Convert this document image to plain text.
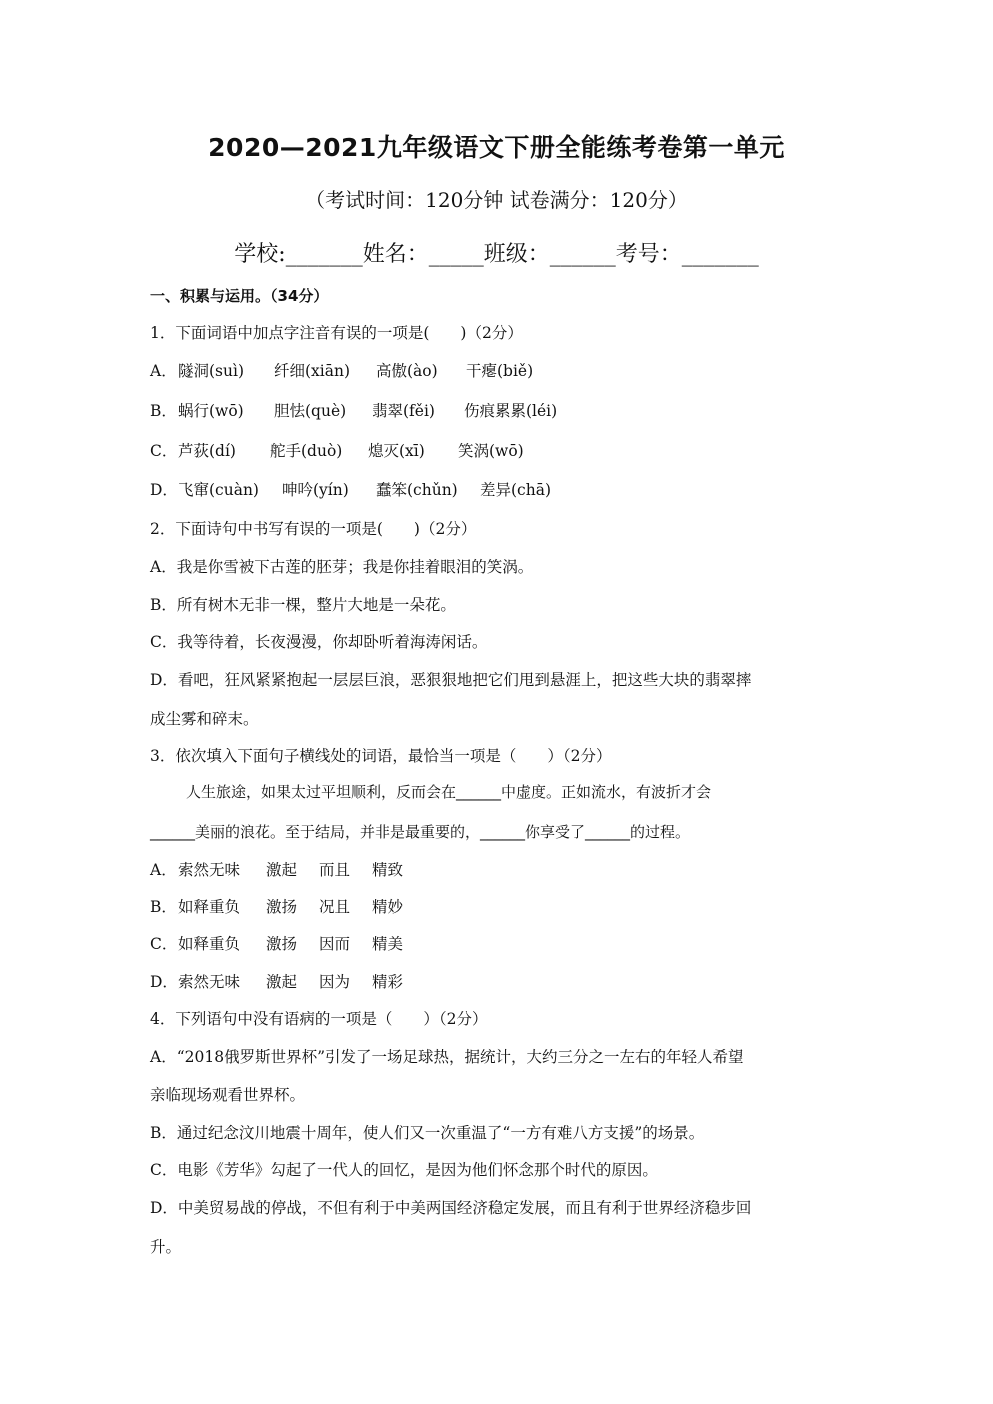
2020—2021九年级语文下册全能练考卷第一单元
（考试时间：120分钟 试卷满分：120分）
学校:_______姓名：_____班级：______考号：_______
一、积累与运用。（34分）
1．下面词语中加点字注音有误的一项是(　　)（2分）
A．隧洞(suì) 纤细(xiān) 高傲(ào) 干瘪(biě)
B．蜗行(wō) 胆怯(què) 翡翠(fěi) 伤痕累累(léi)
C．芦荻(dí) 舵手(duò) 熄灭(xī) 笑涡(wō)
D．飞窜(cuàn) 呻吟(yín) 蠢笨(chǔn) 差异(chā)
2．下面诗句中书写有误的一项是(　　)（2分）
A．我是你雪被下古莲的胚芽；我是你挂着眼泪的笑涡。
B．所有树木无非一棵，整片大地是一朵花。
C．我等待着，长夜漫漫，你却卧听着海涛闲话。
D．看吧，狂风紧紧抱起一层层巨浪，恶狠狠地把它们甩到悬涯上，把这些大块的翡翠摔
成尘雾和碎末。
3．依次填入下面句子横线处的词语，最恰当一项是（　　）（2分）
人生旅途，如果太过平坦顺利，反而会在______中虚度。正如流水，有波折才会
______美丽的浪花。至于结局，并非是最重要的，______你享受了______的过程。
A．索然无味 激起 而且 精致
B．如释重负 激扬 况且 精妙
C．如释重负 激扬 因而 精美
D．索然无味 激起 因为 精彩
4．下列语句中没有语病的一项是（　　）（2分）
A．“2018俄罗斯世界杯”引发了一场足球热，据统计，大约三分之一左右的年轻人希望
亲临现场观看世界杯。
B．通过纪念汶川地震十周年，使人们又一次重温了“一方有难八方支援”的场景。
C．电影《芳华》勾起了一代人的回忆，是因为他们怀念那个时代的原因。
D．中美贸易战的停战，不但有利于中美两国经济稳定发展，而且有利于世界经济稳步回
升。
